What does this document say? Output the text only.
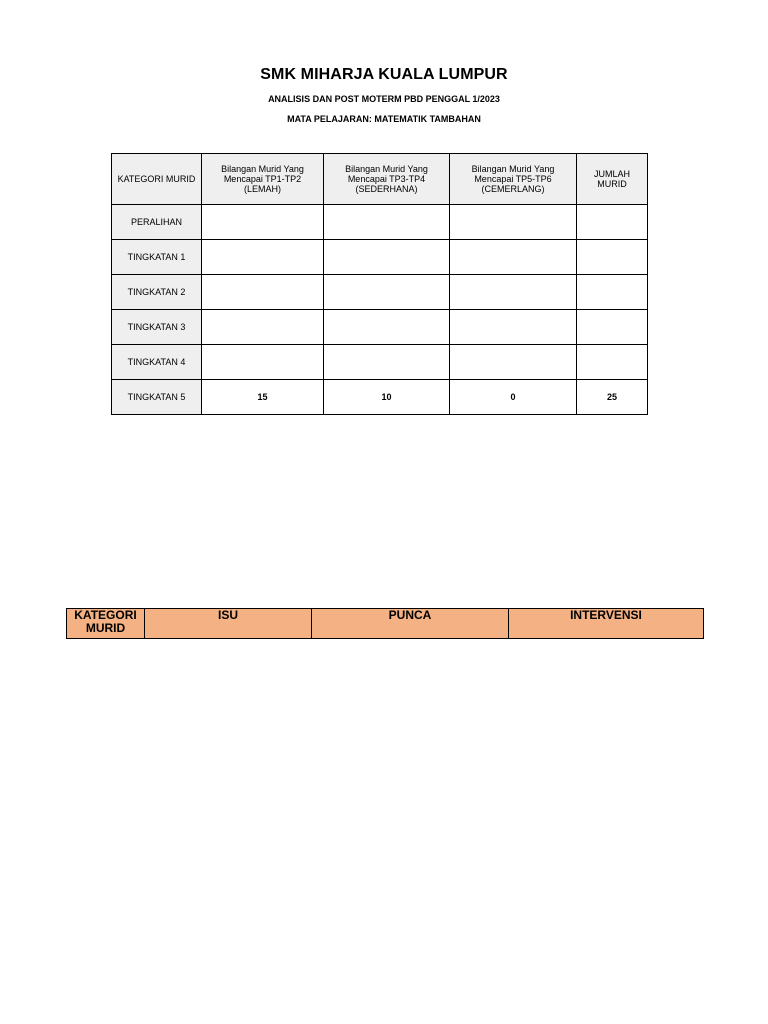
SMK MIHARJA KUALA LUMPUR
ANALISIS DAN POST MOTERM PBD PENGGAL 1/2023
MATA PELAJARAN: MATEMATIK TAMBAHAN
KATEGORI MURID	Bilangan Murid Yang Mencapai TP1-TP2 (LEMAH)	Bilangan Murid Yang Mencapai TP3-TP4 (SEDERHANA)	Bilangan Murid Yang Mencapai TP5-TP6 (CEMERLANG)	JUMLAH MURID
PERALIHAN				
TINGKATAN 1				
TINGKATAN 2				
TINGKATAN 3				
TINGKATAN 4				
TINGKATAN 5	15	10	0	25
KATEGORI MURID	ISU	PUNCA	INTERVENSI
